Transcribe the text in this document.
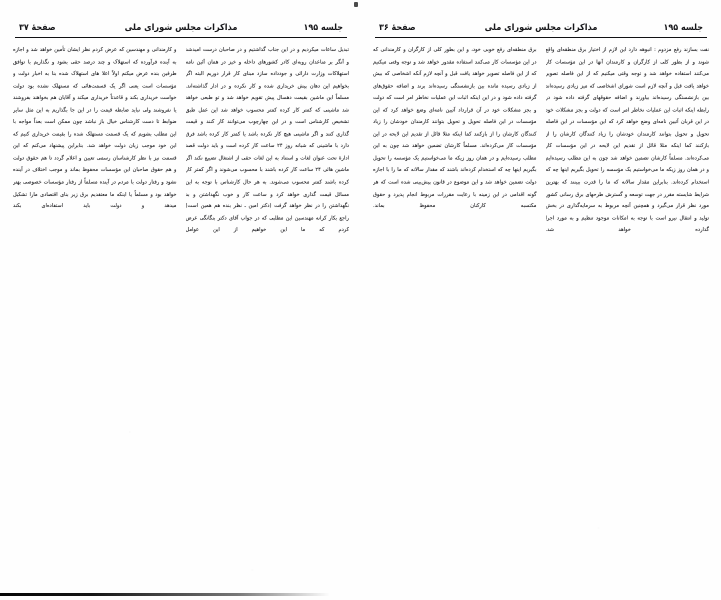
جلسه ۱۹۵
مذاکرات مجلس شورای ملی
صفحهٔ ۳۶

نفت بسازند رفع مزدوم : انبوهه دارد این لازم از اختیار برق منطقه‌ای واقع شوند و از بطور کلی از کارگران و کارمندان آنها در این مؤسسات کار می‌کنند استفاده خواهد شد و توجه وقتی میکنیم که از این فاصله تصویر خواهد یافت قبل و آنچه لازم است شورای اشخاصی که میز زیادی رسیده‌اند بین بازنشستگی رسیده‌اند بیاورند و اضافه حقوقهای گرفته داده شود در رابطه اینکه اثبات این عملیات نخاطر امر است که دولت و بجز مشکلات خود در این قربان آتیین نامه‌ای وضع خواهد کرد که این مؤسسات در این فاصله تحویل و تحویل بتوانند کارمندان خودشان را زیاد کنندگان کارشان را از بازکنند کما اینکه مثلا قائل از تقدیم این لایحه در این مؤسسات کار می‌کرده‌اند. مسلماً کارشان تضمین خواهد شد چون به این مطلب رسیده‌ایم و در همان روز زیکه ما می‌خواستیم یک مؤسسه را تحویل بگیریم اینها چه که استخدام کرده‌اند. بنابراین مقدار سالانه که ما را قدرت ببینند که بهترین شرایط شایسته مقرر در جهت توسعه و گسترش طرحهای برق رسانی کشور مورد نظر قرار می‌گیرد و همچنین آنچه مربوط به سرمایه‌گذاری در بخش تولید و انتقال نیرو است با توجه به امکانات موجود تنظیم و به مورد اجرا گذارده خواهد شد.

برق منطقه‌ای رفع خوبی خود، و این بطور کلی از کارگران و کارمندانی که در این مؤسسات کار می‌کنند استفاده مقدور خواهد شد و توجه وقتی میکنیم که از این فاصله تصویر خواهد یافت قبل و آنچه لازم آنکه اشخاصی که بیش از زیادی رسیده مانده بین بازنشستگی رسیده‌اند برند و اضافه حقوق‌های گرفته داده شود و در این اینکه اثبات این عملیات نخاطر امر است که دولت و بجز مشکلات خود در آن قرارداد آتیین نامه‌ای وضع خواهد کرد که این مؤسسات در این فاصله تحویل و تحویل بتوانند کارمندان خودشان را زیاد کنندگان کارشان را از بازکنند کما اینکه مثلا قائل از تقدیم این لایحه در این مؤسسات کار می‌کرده‌اند. مسلماً کارشان تضمین خواهد شد چون به این مطلب رسیده‌ایم و در همان روز زیکه ما می‌خواستیم یک مؤسسه را تحویل بگیریم اینها چه که استخدام کرده‌اند باشند که مقدار سالانه که ما را با اجازه دولت تضمین خواهد شد و این موضوع در قانون پیش‌بینی شده است که هر گونه اقدامی در این زمینه با رعایت مقررات مربوط انجام پذیرد و حقوق مکتسبه کارکنان محفوظ بماند.

جلسه ۱۹۵
مذاکرات مجلس شورای ملی
صفحهٔ ۳۷

تبدیل ساعات میکردیم و در این جناب گذاشتیم و در صاحبان درست امیدشد و آنگر بر مناعدان روبه‌ای کادر کشورهای داخله و خیز در همان آئین نامه استهلاکات وزارت دارائی و جودداده سازد مبنای کار قرار دوریم البته اگر بخواهیم این دهان پیش خریداری شده و کار نکرده و در ادار گذاشته‌اند. مسلماً این ماشین بقیمت دهسال پیش تقویم خواهد شد و تو طبعی خواهد شد ماشینی که کمتر کار کرده کمتر محسوب خواهد شد این عمل طبق تشخیص کارشناس است و در این چهارچوب می‌توانند کار کنند و قیمت گذاری کنند و اگر ماشینی هیچ کار نکرده باشد یا کمتر کار کرده باشد فرق دارد با ماشینی که شبانه روز ۲۴ ساعت کار کرده است و باید دولت قصد ادارهٔ تحت عنوان لغات و استناد به این لغات حقی از اشتغال تضییع نکند اگر ماشین هائی ۲۴ ساعت کار کرده باشند با محسوب می‌شوند و اگر کمتر کار کرده باشند کمتر محسوب می‌شوند. به هر حال کارشناس با توجه به این مسائل قیمت گذاری خواهد کرد و ساعت کار و خوب نگهداشتن و بد نگهداشتن را در نظر خواهد گرفت (دکتر امین ـ نظر بنده هم همین است) راجع بکار کرانه مهندسین این مطلبی که در جواب آقای دکتر بنگانگی عرض کردم که ما این خواهیم از این عوامل

و کارمندانی و مهندسین که عرض کردم نظر ایشان تأمین خواهد شد و اجازه به آینده فرآورده که استهلاک و چند درصد حقی بشود و نگذاریم با توافق طرفین بنده عرض میکنم اولاً اعلا های استهلاک شده بنا به اخبار دولت و مؤسسات است یعنی اگر یک قسمت‌هائی که مستهلک نشده بود دولت خواست خریداری بکند و قاعدتاً خریداری میکند و آقایان هم بخواهند بفروشند یا نفروشند ولی نباید ضابطه قیمت را در این جا بگذاریم به این مثل سایر ضوابط تا دست کارشناس خیال باز نباشد چون ممکن است بعداً مواجه با این مطلب بشویم که یک قسمت مستهلک شده را بقیمت خریداری کنیم که این خود موجب زیان دولت خواهد شد. بنابراین پیشنهاد می‌کنم که این قسمت نیز با نظر کارشناسان رسمی تعیین و اعلام گردد تا هم حقوق دولت و هم حقوق صاحبان این مؤسسات محفوظ بماند و موجب اختلاف در آینده نشود و رفتار دولت با مردم در آینده مسلماً از رفتار مؤسسات خصوصی بهتر خواهد بود و مسلماً یا اینکه ما معتقدیم برق زیر بنای اقتصادی مارا تشکیل میدهد و دولت باید استفاده‌ای بکند
